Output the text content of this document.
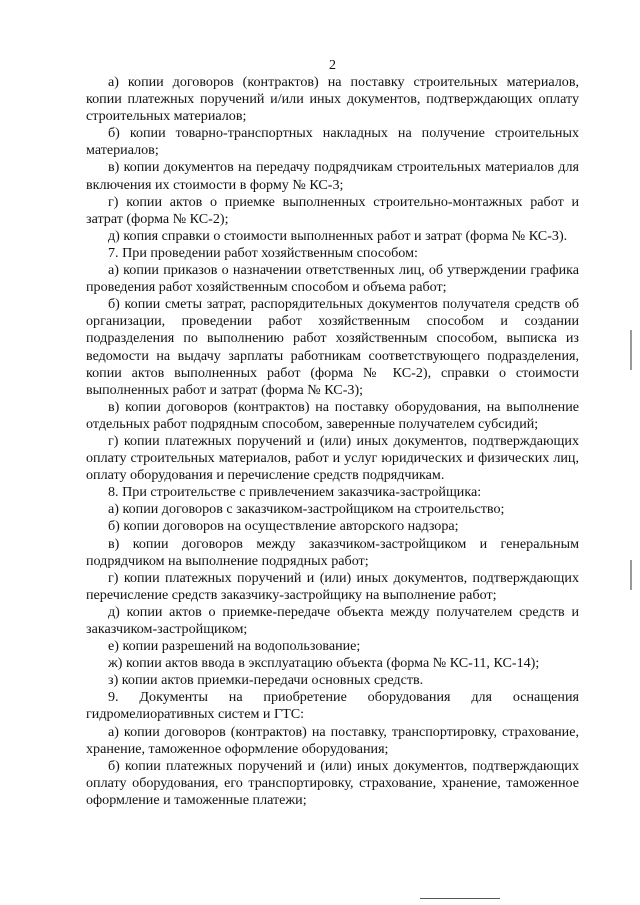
2

а) копии договоров (контрактов) на поставку строительных материалов, копии платежных поручений и/или иных документов, подтверждающих оплату строительных материалов;

б) копии товарно-транспортных накладных на получение строительных материалов;

в) копии документов на передачу подрядчикам строительных материалов для включения их стоимости в форму № КС-3;

г) копии актов о приемке выполненных строительно-монтажных работ и затрат (форма № КС-2);

д) копия справки о стоимости выполненных работ и затрат (форма № КС-3).

7. При проведении работ хозяйственным способом:

а) копии приказов о назначении ответственных лиц, об утверждении графика проведения работ хозяйственным способом и объема работ;

б) копии сметы затрат, распорядительных документов получателя средств об организации, проведении работ хозяйственным способом и создании подразделения по выполнению работ хозяйственным способом, выписка из ведомости на выдачу зарплаты работникам соответствующего подразделения, копии актов выполненных работ (форма № КС-2), справки о стоимости выполненных работ и затрат (форма № КС-3);

в) копии договоров (контрактов) на поставку оборудования, на выполнение отдельных работ подрядным способом, заверенные получателем субсидий;

г) копии платежных поручений и (или) иных документов, подтверждающих оплату строительных материалов, работ и услуг юридических и физических лиц, оплату оборудования и перечисление средств подрядчикам.

8. При строительстве с привлечением заказчика-застройщика:

а) копии договоров с заказчиком-застройщиком на строительство;

б) копии договоров на осуществление авторского надзора;

в) копии договоров между заказчиком-застройщиком и генеральным подрядчиком на выполнение подрядных работ;

г) копии платежных поручений и (или) иных документов, подтверждающих перечисление средств заказчику-застройщику на выполнение работ;

д) копии актов о приемке-передаче объекта между получателем средств и заказчиком-застройщиком;

е) копии разрешений на водопользование;

ж) копии актов ввода в эксплуатацию объекта (форма № КС-11, КС-14);

з) копии актов приемки-передачи основных средств.

9. Документы на приобретение оборудования для оснащения гидромелиоративных систем и ГТС:

а) копии договоров (контрактов) на поставку, транспортировку, страхование, хранение, таможенное оформление оборудования;

б) копии платежных поручений и (или) иных документов, подтверждающих оплату оборудования, его транспортировку, страхование, хранение, таможенное оформление и таможенные платежи;
